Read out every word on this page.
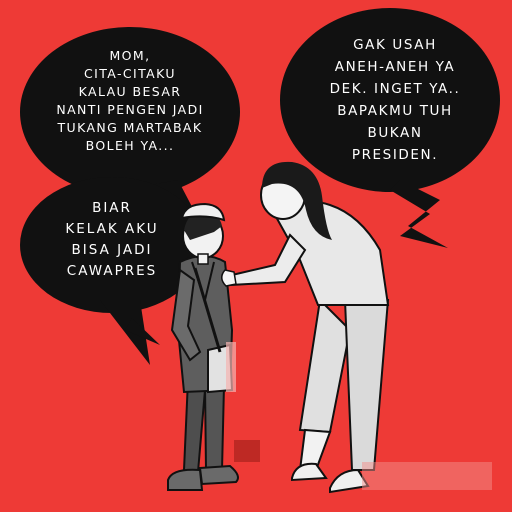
MOM,
CITA-CITAKU
KALAU BESAR
NANTI PENGEN JADI
TUKANG MARTABAK
BOLEH YA...

BIAR
KELAK AKU
BISA JADI
CAWAPRES

GAK USAH
ANEH-ANEH YA
DEK. INGET YA..
BAPAKMU TUH
BUKAN
PRESIDEN.
